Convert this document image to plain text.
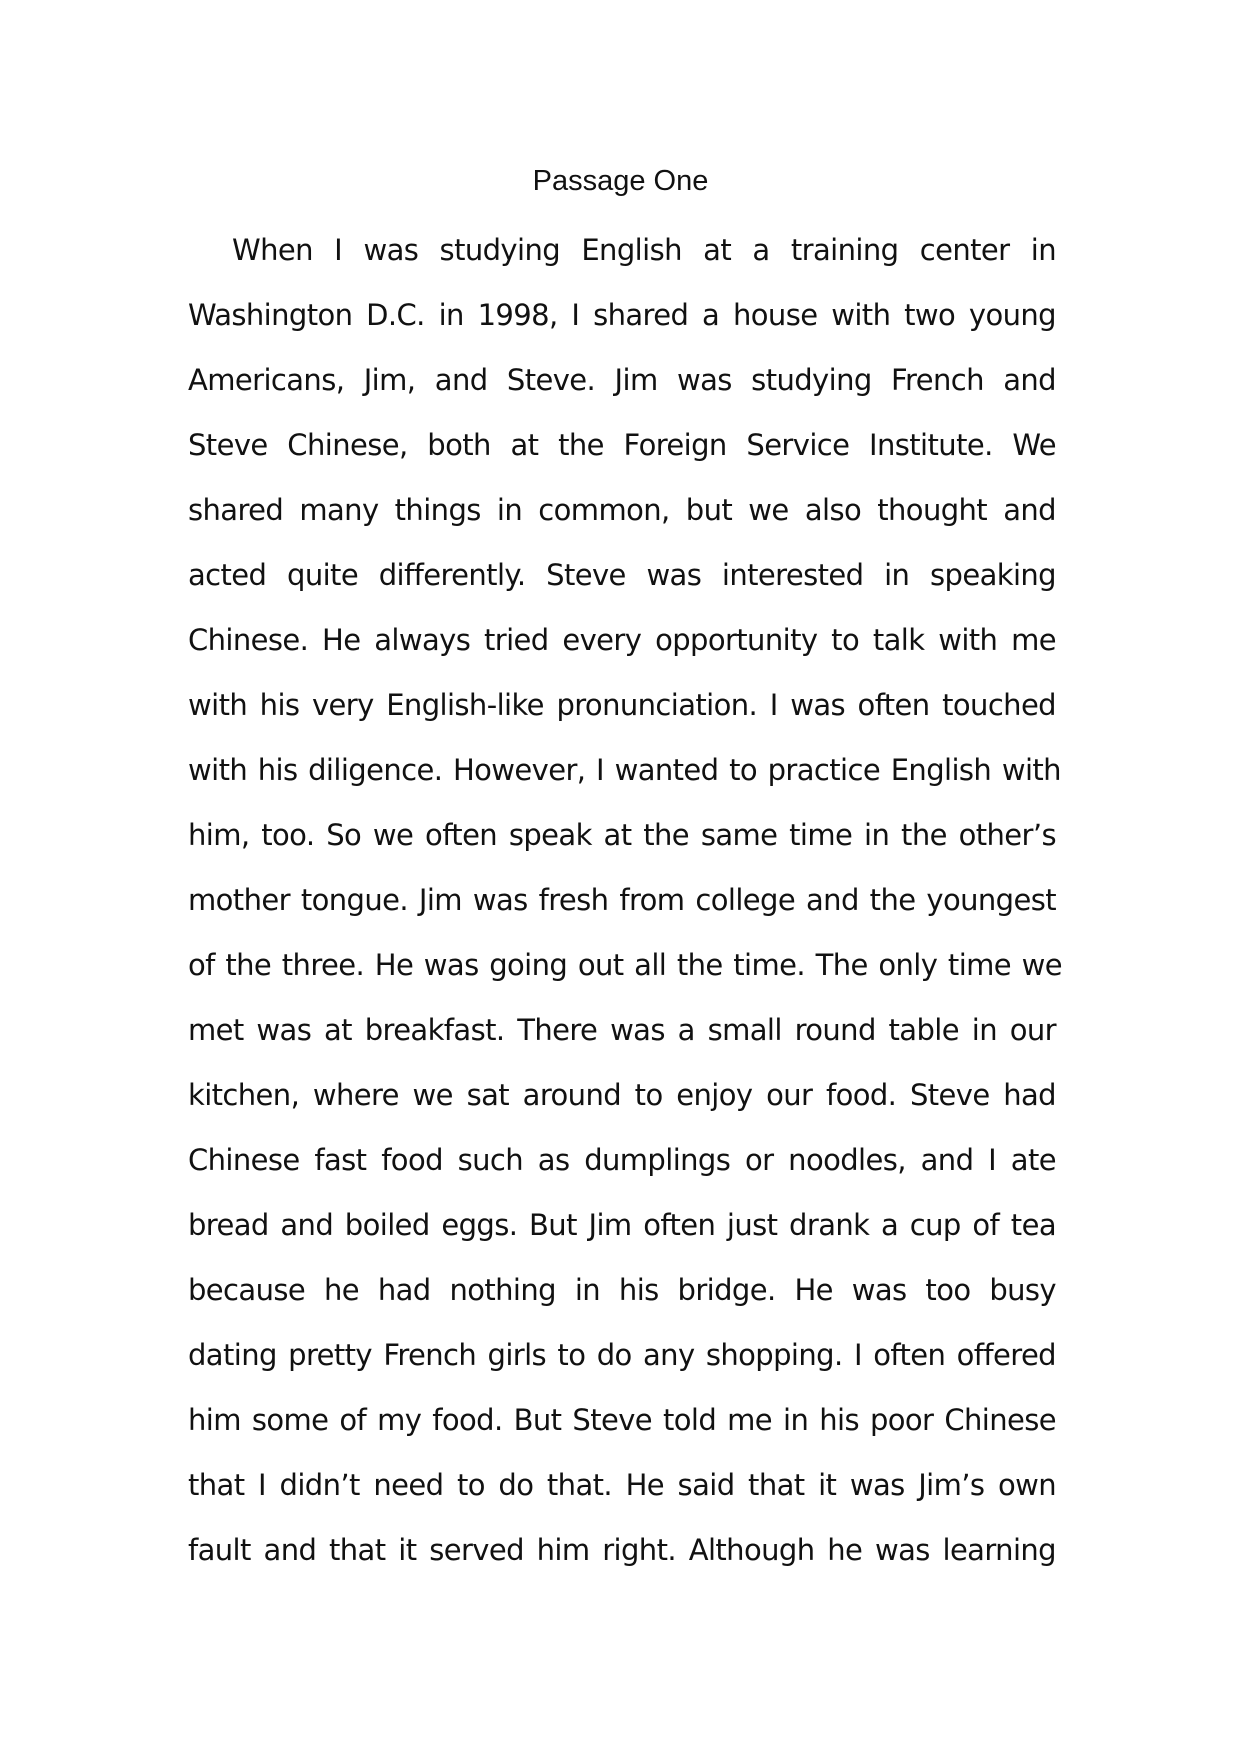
Passage One
When I was studying English at a training center in
Washington D.C. in 1998, I shared a house with two young
Americans, Jim, and Steve. Jim was studying French and
Steve Chinese, both at the Foreign Service Institute. We
shared many things in common, but we also thought and
acted quite differently. Steve was interested in speaking
Chinese. He always tried every opportunity to talk with me
with his very English-like pronunciation. I was often touched
with his diligence. However, I wanted to practice English with
him, too. So we often speak at the same time in the other’s
mother tongue. Jim was fresh from college and the youngest
of the three. He was going out all the time. The only time we
met was at breakfast. There was a small round table in our
kitchen, where we sat around to enjoy our food. Steve had
Chinese fast food such as dumplings or noodles, and I ate
bread and boiled eggs. But Jim often just drank a cup of tea
because he had nothing in his bridge. He was too busy
dating pretty French girls to do any shopping. I often offered
him some of my food. But Steve told me in his poor Chinese
that I didn’t need to do that. He said that it was Jim’s own
fault and that it served him right. Although he was learning
